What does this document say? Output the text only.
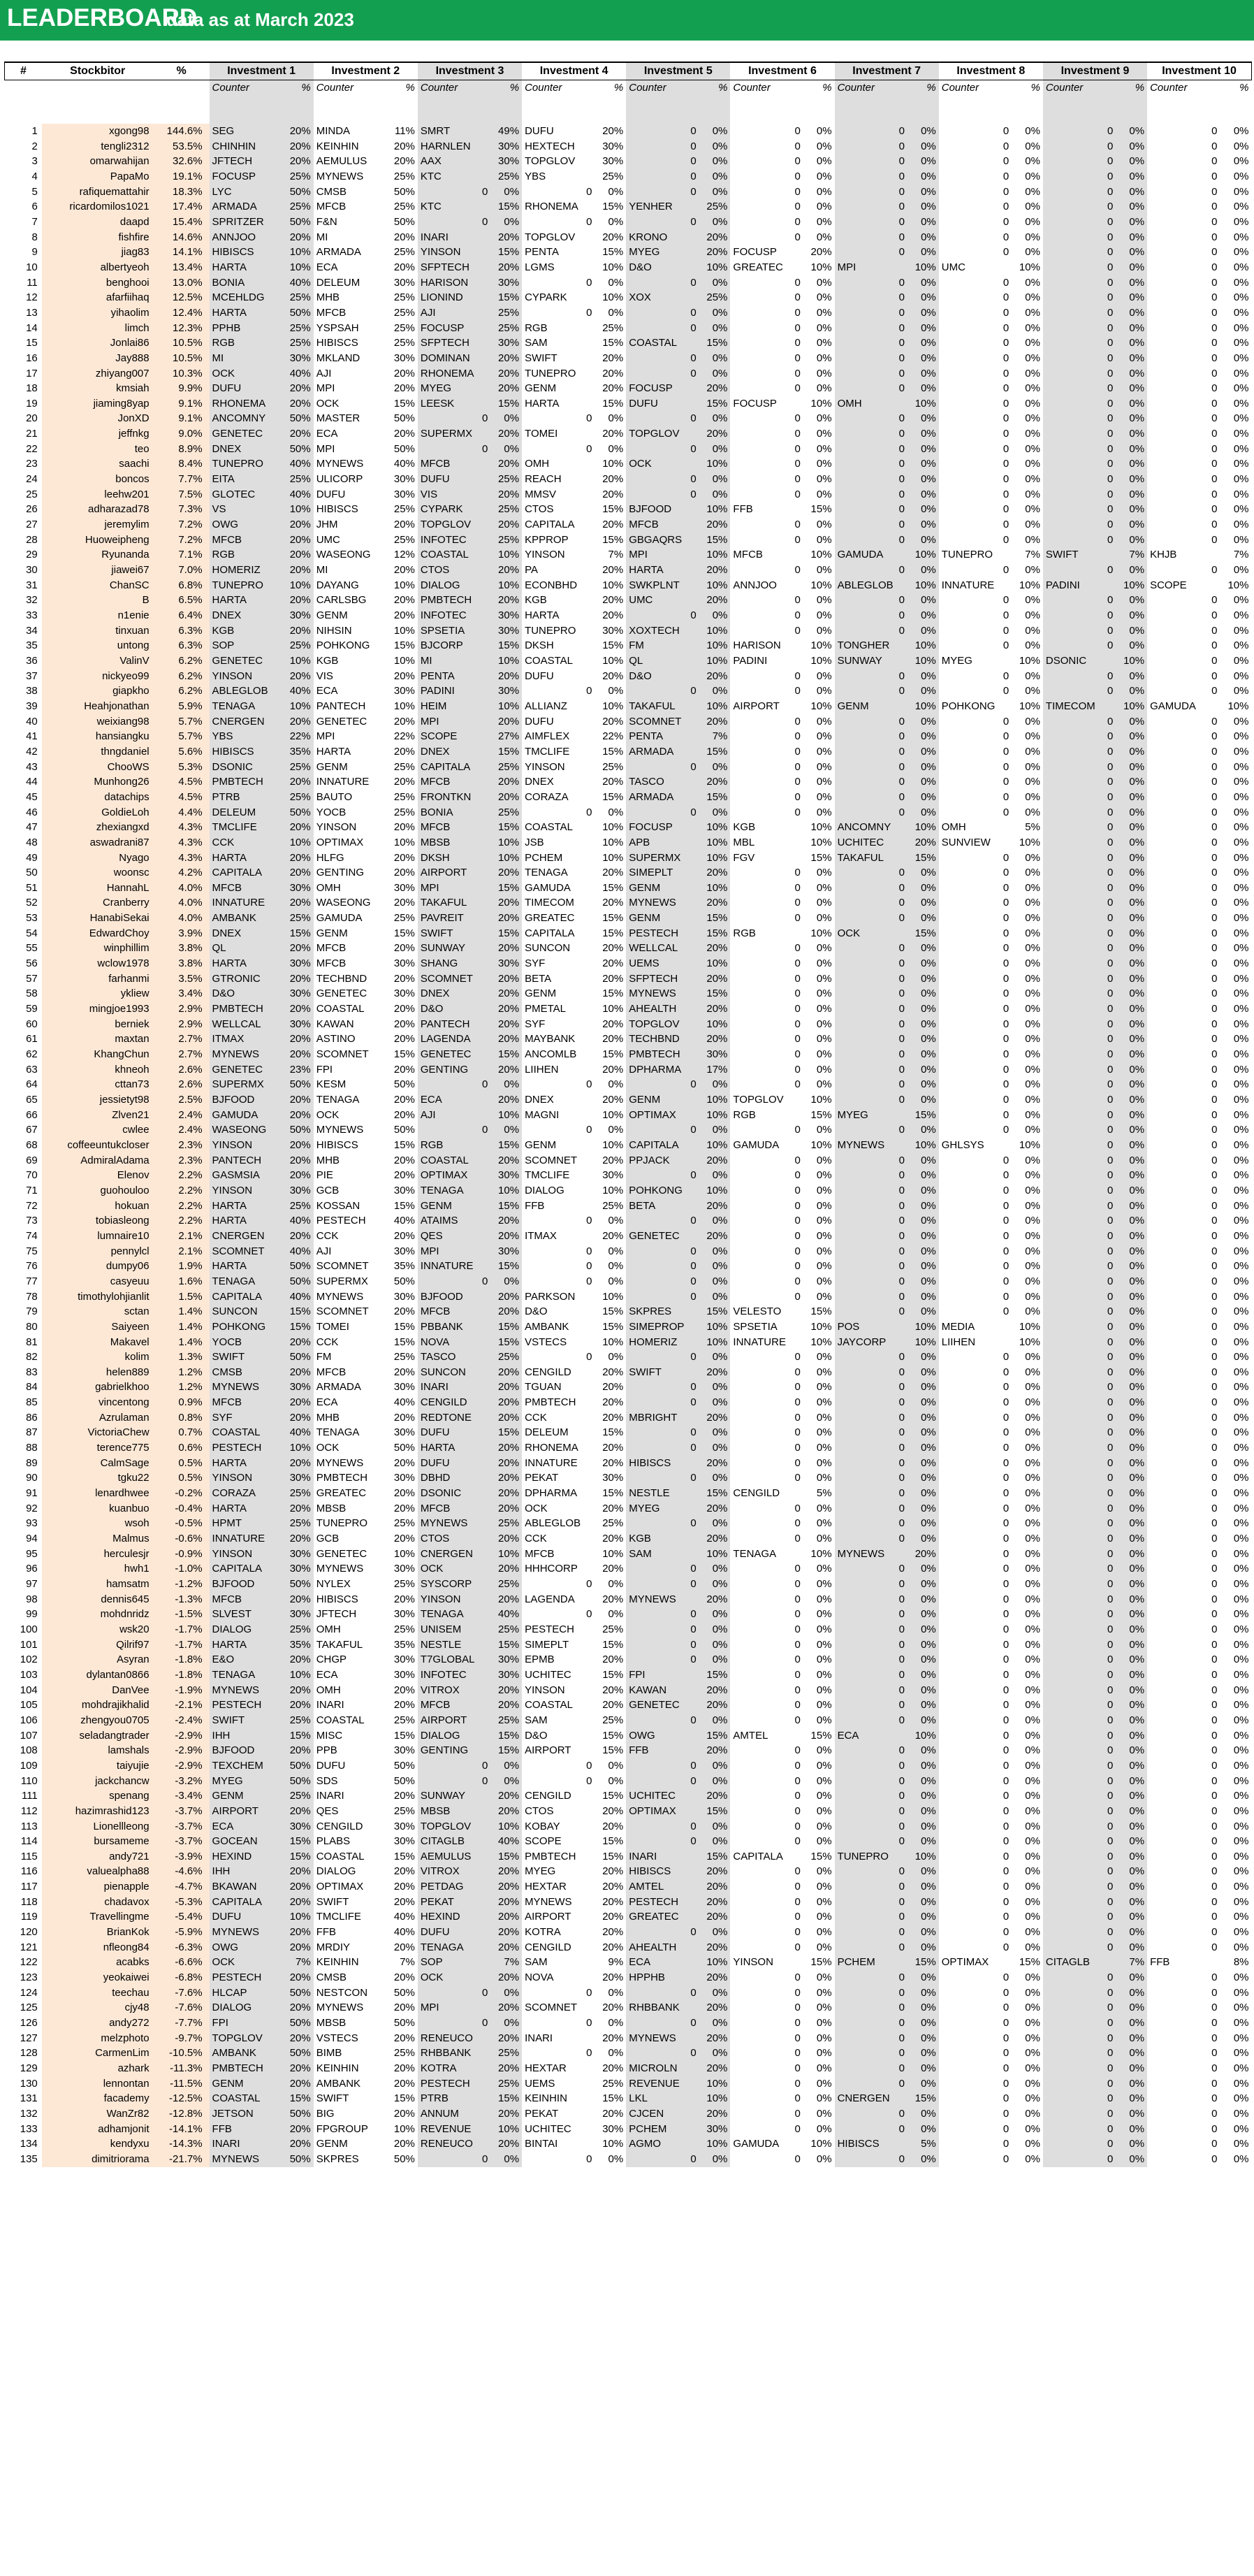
LEADERBOARD
data as at March 2023
#	Stockbitor	%	Investment 1		Investment 2		Investment 3		Investment 4		Investment 5		Investment 6		Investment 7		Investment 8		Investment 9		Investment 10	
			Counter	%	Counter	%	Counter	%	Counter	%	Counter	%	Counter	%	Counter	%	Counter	%	Counter	%	Counter	%

1	xgong98	144.6%	SEG	20%	MINDA	11%	SMRT	49%	DUFU	20%	0	0%	0	0%	0	0%	0	0%	0	0%	0	0%
2	tengli2312	53.5%	CHINHIN	20%	KEINHIN	20%	HARNLEN	30%	HEXTECH	30%	0	0%	0	0%	0	0%	0	0%	0	0%	0	0%
3	omarwahijan	32.6%	JFTECH	20%	AEMULUS	20%	AAX	30%	TOPGLOV	30%	0	0%	0	0%	0	0%	0	0%	0	0%	0	0%
4	PapaMo	19.1%	FOCUSP	25%	MYNEWS	25%	KTC	25%	YBS	25%	0	0%	0	0%	0	0%	0	0%	0	0%	0	0%
5	rafiquemattahir	18.3%	LYC	50%	CMSB	50%	0	0%	0	0%	0	0%	0	0%	0	0%	0	0%	0	0%	0	0%
6	ricardomilos1021	17.4%	ARMADA	25%	MFCB	25%	KTC	15%	RHONEMA	15%	YENHER	25%	0	0%	0	0%	0	0%	0	0%	0	0%
7	daapd	15.4%	SPRITZER	50%	F&N	50%	0	0%	0	0%	0	0%	0	0%	0	0%	0	0%	0	0%	0	0%
8	fishfire	14.6%	ANNJOO	20%	MI	20%	INARI	20%	TOPGLOV	20%	KRONO	20%	0	0%	0	0%	0	0%	0	0%	0	0%
9	jiag83	14.1%	HIBISCS	10%	ARMADA	25%	YINSON	15%	PENTA	15%	MYEG	20%	FOCUSP	20%	0	0%	0	0%	0	0%	0	0%
10	albertyeoh	13.4%	HARTA	10%	ECA	20%	SFPTECH	20%	LGMS	10%	D&O	10%	GREATEC	10%	MPI	10%	UMC	10%	0	0%	0	0%
11	benghooi	13.0%	BONIA	40%	DELEUM	30%	HARISON	30%	0	0%	0	0%	0	0%	0	0%	0	0%	0	0%	0	0%
12	afarfiihaq	12.5%	MCEHLDG	25%	MHB	25%	LIONIND	15%	CYPARK	10%	XOX	25%	0	0%	0	0%	0	0%	0	0%	0	0%
13	yihaolim	12.4%	HARTA	50%	MFCB	25%	AJI	25%	0	0%	0	0%	0	0%	0	0%	0	0%	0	0%	0	0%
14	limch	12.3%	PPHB	25%	YSPSAH	25%	FOCUSP	25%	RGB	25%	0	0%	0	0%	0	0%	0	0%	0	0%	0	0%
15	Jonlai86	10.5%	RGB	25%	HIBISCS	25%	SFPTECH	30%	SAM	15%	COASTAL	15%	0	0%	0	0%	0	0%	0	0%	0	0%
16	Jay888	10.5%	MI	30%	MKLAND	30%	DOMINAN	20%	SWIFT	20%	0	0%	0	0%	0	0%	0	0%	0	0%	0	0%
17	zhiyang007	10.3%	OCK	40%	AJI	20%	RHONEMA	20%	TUNEPRO	20%	0	0%	0	0%	0	0%	0	0%	0	0%	0	0%
18	kmsiah	9.9%	DUFU	20%	MPI	20%	MYEG	20%	GENM	20%	FOCUSP	20%	0	0%	0	0%	0	0%	0	0%	0	0%
19	jiaming8yap	9.1%	RHONEMA	20%	OCK	15%	LEESK	15%	HARTA	15%	DUFU	15%	FOCUSP	10%	OMH	10%	0	0%	0	0%	0	0%
20	JonXD	9.1%	ANCOMNY	50%	MASTER	50%	0	0%	0	0%	0	0%	0	0%	0	0%	0	0%	0	0%	0	0%
21	jeffnkg	9.0%	GENETEC	20%	ECA	20%	SUPERMX	20%	TOMEI	20%	TOPGLOV	20%	0	0%	0	0%	0	0%	0	0%	0	0%
22	teo	8.9%	DNEX	50%	MPI	50%	0	0%	0	0%	0	0%	0	0%	0	0%	0	0%	0	0%	0	0%
23	saachi	8.4%	TUNEPRO	40%	MYNEWS	40%	MFCB	20%	OMH	10%	OCK	10%	0	0%	0	0%	0	0%	0	0%	0	0%
24	boncos	7.7%	EITA	25%	ULICORP	30%	DUFU	25%	REACH	20%	0	0%	0	0%	0	0%	0	0%	0	0%	0	0%
25	leehw201	7.5%	GLOTEC	40%	DUFU	30%	VIS	20%	MMSV	20%	0	0%	0	0%	0	0%	0	0%	0	0%	0	0%
26	adharazad78	7.3%	VS	10%	HIBISCS	25%	CYPARK	25%	CTOS	15%	BJFOOD	10%	FFB	15%	0	0%	0	0%	0	0%	0	0%
27	jeremylim	7.2%	OWG	20%	JHM	20%	TOPGLOV	20%	CAPITALA	20%	MFCB	20%	0	0%	0	0%	0	0%	0	0%	0	0%
28	Huoweipheng	7.2%	MFCB	20%	UMC	25%	INFOTEC	25%	KPPROP	15%	GBGAQRS	15%	0	0%	0	0%	0	0%	0	0%	0	0%
29	Ryunanda	7.1%	RGB	20%	WASEONG	12%	COASTAL	10%	YINSON	7%	MPI	10%	MFCB	10%	GAMUDA	10%	TUNEPRO	7%	SWIFT	7%	KHJB	7%
30	jiawei67	7.0%	HOMERIZ	20%	MI	20%	CTOS	20%	PA	20%	HARTA	20%	0	0%	0	0%	0	0%	0	0%	0	0%
31	ChanSC	6.8%	TUNEPRO	10%	DAYANG	10%	DIALOG	10%	ECONBHD	10%	SWKPLNT	10%	ANNJOO	10%	ABLEGLOB	10%	INNATURE	10%	PADINI	10%	SCOPE	10%
32	B	6.5%	HARTA	20%	CARLSBG	20%	PMBTECH	20%	KGB	20%	UMC	20%	0	0%	0	0%	0	0%	0	0%	0	0%
33	n1enie	6.4%	DNEX	30%	GENM	20%	INFOTEC	30%	HARTA	20%	0	0%	0	0%	0	0%	0	0%	0	0%	0	0%
34	tinxuan	6.3%	KGB	20%	NIHSIN	10%	SPSETIA	30%	TUNEPRO	30%	XOXTECH	10%	0	0%	0	0%	0	0%	0	0%	0	0%
35	untong	6.3%	SOP	25%	POHKONG	15%	BJCORP	15%	DKSH	15%	FM	10%	HARISON	10%	TONGHER	10%	0	0%	0	0%	0	0%
36	ValinV	6.2%	GENETEC	10%	KGB	10%	MI	10%	COASTAL	10%	QL	10%	PADINI	10%	SUNWAY	10%	MYEG	10%	DSONIC	10%	0	0%
37	nickyeo99	6.2%	YINSON	20%	VIS	20%	PENTA	20%	DUFU	20%	D&O	20%	0	0%	0	0%	0	0%	0	0%	0	0%
38	giapkho	6.2%	ABLEGLOB	40%	ECA	30%	PADINI	30%	0	0%	0	0%	0	0%	0	0%	0	0%	0	0%	0	0%
39	Heahjonathan	5.9%	TENAGA	10%	PANTECH	10%	HEIM	10%	ALLIANZ	10%	TAKAFUL	10%	AIRPORT	10%	GENM	10%	POHKONG	10%	TIMECOM	10%	GAMUDA	10%
40	weixiang98	5.7%	CNERGEN	20%	GENETEC	20%	MPI	20%	DUFU	20%	SCOMNET	20%	0	0%	0	0%	0	0%	0	0%	0	0%
41	hansiangku	5.7%	YBS	22%	MPI	22%	SCOPE	27%	AIMFLEX	22%	PENTA	7%	0	0%	0	0%	0	0%	0	0%	0	0%
42	thngdaniel	5.6%	HIBISCS	35%	HARTA	20%	DNEX	15%	TMCLIFE	15%	ARMADA	15%	0	0%	0	0%	0	0%	0	0%	0	0%
43	ChooWS	5.3%	DSONIC	25%	GENM	25%	CAPITALA	25%	YINSON	25%	0	0%	0	0%	0	0%	0	0%	0	0%	0	0%
44	Munhong26	4.5%	PMBTECH	20%	INNATURE	20%	MFCB	20%	DNEX	20%	TASCO	20%	0	0%	0	0%	0	0%	0	0%	0	0%
45	datachips	4.5%	PTRB	25%	BAUTO	25%	FRONTKN	20%	CORAZA	15%	ARMADA	15%	0	0%	0	0%	0	0%	0	0%	0	0%
46	GoldieLoh	4.4%	DELEUM	50%	YOCB	25%	BONIA	25%	0	0%	0	0%	0	0%	0	0%	0	0%	0	0%	0	0%
47	zhexiangxd	4.3%	TMCLIFE	20%	YINSON	20%	MFCB	15%	COASTAL	10%	FOCUSP	10%	KGB	10%	ANCOMNY	10%	OMH	5%	0	0%	0	0%
48	aswadrani87	4.3%	CCK	10%	OPTIMAX	10%	MBSB	10%	JSB	10%	APB	10%	MBL	10%	UCHITEC	20%	SUNVIEW	10%	0	0%	0	0%
49	Nyago	4.3%	HARTA	20%	HLFG	20%	DKSH	10%	PCHEM	10%	SUPERMX	10%	FGV	15%	TAKAFUL	15%	0	0%	0	0%	0	0%
50	woonsc	4.2%	CAPITALA	20%	GENTING	20%	AIRPORT	20%	TENAGA	20%	SIMEPLT	20%	0	0%	0	0%	0	0%	0	0%	0	0%
51	HannahL	4.0%	MFCB	30%	OMH	30%	MPI	15%	GAMUDA	15%	GENM	10%	0	0%	0	0%	0	0%	0	0%	0	0%
52	Cranberry	4.0%	INNATURE	20%	WASEONG	20%	TAKAFUL	20%	TIMECOM	20%	MYNEWS	20%	0	0%	0	0%	0	0%	0	0%	0	0%
53	HanabiSekai	4.0%	AMBANK	25%	GAMUDA	25%	PAVREIT	20%	GREATEC	15%	GENM	15%	0	0%	0	0%	0	0%	0	0%	0	0%
54	EdwardChoy	3.9%	DNEX	15%	GENM	15%	SWIFT	15%	CAPITALA	15%	PESTECH	15%	RGB	10%	OCK	15%	0	0%	0	0%	0	0%
55	winphillim	3.8%	QL	20%	MFCB	20%	SUNWAY	20%	SUNCON	20%	WELLCAL	20%	0	0%	0	0%	0	0%	0	0%	0	0%
56	wclow1978	3.8%	HARTA	30%	MFCB	30%	SHANG	30%	SYF	20%	UEMS	10%	0	0%	0	0%	0	0%	0	0%	0	0%
57	farhanmi	3.5%	GTRONIC	20%	TECHBND	20%	SCOMNET	20%	BETA	20%	SFPTECH	20%	0	0%	0	0%	0	0%	0	0%	0	0%
58	ykliew	3.4%	D&O	30%	GENETEC	30%	DNEX	20%	GENM	15%	MYNEWS	15%	0	0%	0	0%	0	0%	0	0%	0	0%
59	mingjoe1993	2.9%	PMBTECH	20%	COASTAL	20%	D&O	20%	PMETAL	10%	AHEALTH	20%	0	0%	0	0%	0	0%	0	0%	0	0%
60	berniek	2.9%	WELLCAL	30%	KAWAN	20%	PANTECH	20%	SYF	20%	TOPGLOV	10%	0	0%	0	0%	0	0%	0	0%	0	0%
61	maxtan	2.7%	ITMAX	20%	ASTINO	20%	LAGENDA	20%	MAYBANK	20%	TECHBND	20%	0	0%	0	0%	0	0%	0	0%	0	0%
62	KhangChun	2.7%	MYNEWS	20%	SCOMNET	15%	GENETEC	15%	ANCOMLB	15%	PMBTECH	30%	0	0%	0	0%	0	0%	0	0%	0	0%
63	khneoh	2.6%	GENETEC	23%	FPI	20%	GENTING	20%	LIIHEN	20%	DPHARMA	17%	0	0%	0	0%	0	0%	0	0%	0	0%
64	cttan73	2.6%	SUPERMX	50%	KESM	50%	0	0%	0	0%	0	0%	0	0%	0	0%	0	0%	0	0%	0	0%
65	jessietyt98	2.5%	BJFOOD	20%	TENAGA	20%	ECA	20%	DNEX	20%	GENM	10%	TOPGLOV	10%	0	0%	0	0%	0	0%	0	0%
66	Zlven21	2.4%	GAMUDA	20%	OCK	20%	AJI	10%	MAGNI	10%	OPTIMAX	10%	RGB	15%	MYEG	15%	0	0%	0	0%	0	0%
67	cwlee	2.4%	WASEONG	50%	MYNEWS	50%	0	0%	0	0%	0	0%	0	0%	0	0%	0	0%	0	0%	0	0%
68	coffeeuntukcloser	2.3%	YINSON	20%	HIBISCS	15%	RGB	15%	GENM	10%	CAPITALA	10%	GAMUDA	10%	MYNEWS	10%	GHLSYS	10%	0	0%	0	0%
69	AdmiralAdama	2.3%	PANTECH	20%	MHB	20%	COASTAL	20%	SCOMNET	20%	PPJACK	20%	0	0%	0	0%	0	0%	0	0%	0	0%
70	Elenov	2.2%	GASMSIA	20%	PIE	20%	OPTIMAX	30%	TMCLIFE	30%	0	0%	0	0%	0	0%	0	0%	0	0%	0	0%
71	guohouloo	2.2%	YINSON	30%	GCB	30%	TENAGA	10%	DIALOG	10%	POHKONG	10%	0	0%	0	0%	0	0%	0	0%	0	0%
72	hokuan	2.2%	HARTA	25%	KOSSAN	15%	GENM	15%	FFB	25%	BETA	20%	0	0%	0	0%	0	0%	0	0%	0	0%
73	tobiasleong	2.2%	HARTA	40%	PESTECH	40%	ATAIMS	20%	0	0%	0	0%	0	0%	0	0%	0	0%	0	0%	0	0%
74	lumnaire10	2.1%	CNERGEN	20%	CCK	20%	QES	20%	ITMAX	20%	GENETEC	20%	0	0%	0	0%	0	0%	0	0%	0	0%
75	pennylcl	2.1%	SCOMNET	40%	AJI	30%	MPI	30%	0	0%	0	0%	0	0%	0	0%	0	0%	0	0%	0	0%
76	dumpy06	1.9%	HARTA	50%	SCOMNET	35%	INNATURE	15%	0	0%	0	0%	0	0%	0	0%	0	0%	0	0%	0	0%
77	casyeuu	1.6%	TENAGA	50%	SUPERMX	50%	0	0%	0	0%	0	0%	0	0%	0	0%	0	0%	0	0%	0	0%
78	timothylohjianlit	1.5%	CAPITALA	40%	MYNEWS	30%	BJFOOD	20%	PARKSON	10%	0	0%	0	0%	0	0%	0	0%	0	0%	0	0%
79	sctan	1.4%	SUNCON	15%	SCOMNET	20%	MFCB	20%	D&O	15%	SKPRES	15%	VELESTO	15%	0	0%	0	0%	0	0%	0	0%
80	Saiyeen	1.4%	POHKONG	15%	TOMEI	15%	PBBANK	15%	AMBANK	15%	SIMEPROP	10%	SPSETIA	10%	POS	10%	MEDIA	10%	0	0%	0	0%
81	Makavel	1.4%	YOCB	20%	CCK	15%	NOVA	15%	VSTECS	10%	HOMERIZ	10%	INNATURE	10%	JAYCORP	10%	LIIHEN	10%	0	0%	0	0%
82	kolim	1.3%	SWIFT	50%	FM	25%	TASCO	25%	0	0%	0	0%	0	0%	0	0%	0	0%	0	0%	0	0%
83	helen889	1.2%	CMSB	20%	MFCB	20%	SUNCON	20%	CENGILD	20%	SWIFT	20%	0	0%	0	0%	0	0%	0	0%	0	0%
84	gabrielkhoo	1.2%	MYNEWS	30%	ARMADA	30%	INARI	20%	TGUAN	20%	0	0%	0	0%	0	0%	0	0%	0	0%	0	0%
85	vincentong	0.9%	MFCB	20%	ECA	40%	CENGILD	20%	PMBTECH	20%	0	0%	0	0%	0	0%	0	0%	0	0%	0	0%
86	Azrulaman	0.8%	SYF	20%	MHB	20%	REDTONE	20%	CCK	20%	MBRIGHT	20%	0	0%	0	0%	0	0%	0	0%	0	0%
87	VictoriaChew	0.7%	COASTAL	40%	TENAGA	30%	DUFU	15%	DELEUM	15%	0	0%	0	0%	0	0%	0	0%	0	0%	0	0%
88	terence775	0.6%	PESTECH	10%	OCK	50%	HARTA	20%	RHONEMA	20%	0	0%	0	0%	0	0%	0	0%	0	0%	0	0%
89	CalmSage	0.5%	HARTA	20%	MYNEWS	20%	DUFU	20%	INNATURE	20%	HIBISCS	20%	0	0%	0	0%	0	0%	0	0%	0	0%
90	tgku22	0.5%	YINSON	30%	PMBTECH	30%	DBHD	20%	PEKAT	30%	0	0%	0	0%	0	0%	0	0%	0	0%	0	0%
91	lenardhwee	-0.2%	CORAZA	25%	GREATEC	20%	DSONIC	20%	DPHARMA	15%	NESTLE	15%	CENGILD	5%	0	0%	0	0%	0	0%	0	0%
92	kuanbuo	-0.4%	HARTA	20%	MBSB	20%	MFCB	20%	OCK	20%	MYEG	20%	0	0%	0	0%	0	0%	0	0%	0	0%
93	wsoh	-0.5%	HPMT	25%	TUNEPRO	25%	MYNEWS	25%	ABLEGLOB	25%	0	0%	0	0%	0	0%	0	0%	0	0%	0	0%
94	Malmus	-0.6%	INNATURE	20%	GCB	20%	CTOS	20%	CCK	20%	KGB	20%	0	0%	0	0%	0	0%	0	0%	0	0%
95	herculesjr	-0.9%	YINSON	30%	GENETEC	10%	CNERGEN	10%	MFCB	10%	SAM	10%	TENAGA	10%	MYNEWS	20%	0	0%	0	0%	0	0%
96	hwh1	-1.0%	CAPITALA	30%	MYNEWS	30%	OCK	20%	HHHCORP	20%	0	0%	0	0%	0	0%	0	0%	0	0%	0	0%
97	hamsatm	-1.2%	BJFOOD	50%	NYLEX	25%	SYSCORP	25%	0	0%	0	0%	0	0%	0	0%	0	0%	0	0%	0	0%
98	dennis645	-1.3%	MFCB	20%	HIBISCS	20%	YINSON	20%	LAGENDA	20%	MYNEWS	20%	0	0%	0	0%	0	0%	0	0%	0	0%
99	mohdnridz	-1.5%	SLVEST	30%	JFTECH	30%	TENAGA	40%	0	0%	0	0%	0	0%	0	0%	0	0%	0	0%	0	0%
100	wsk20	-1.7%	DIALOG	25%	OMH	25%	UNISEM	25%	PESTECH	25%	0	0%	0	0%	0	0%	0	0%	0	0%	0	0%
101	Qilrif97	-1.7%	HARTA	35%	TAKAFUL	35%	NESTLE	15%	SIMEPLT	15%	0	0%	0	0%	0	0%	0	0%	0	0%	0	0%
102	Asyran	-1.8%	E&O	20%	CHGP	30%	T7GLOBAL	30%	EPMB	20%	0	0%	0	0%	0	0%	0	0%	0	0%	0	0%
103	dylantan0866	-1.8%	TENAGA	10%	ECA	30%	INFOTEC	30%	UCHITEC	15%	FPI	15%	0	0%	0	0%	0	0%	0	0%	0	0%
104	DanVee	-1.9%	MYNEWS	20%	OMH	20%	VITROX	20%	YINSON	20%	KAWAN	20%	0	0%	0	0%	0	0%	0	0%	0	0%
105	mohdrajikhalid	-2.1%	PESTECH	20%	INARI	20%	MFCB	20%	COASTAL	20%	GENETEC	20%	0	0%	0	0%	0	0%	0	0%	0	0%
106	zhengyou0705	-2.4%	SWIFT	25%	COASTAL	25%	AIRPORT	25%	SAM	25%	0	0%	0	0%	0	0%	0	0%	0	0%	0	0%
107	seladangtrader	-2.9%	IHH	15%	MISC	15%	DIALOG	15%	D&O	15%	OWG	15%	AMTEL	15%	ECA	10%	0	0%	0	0%	0	0%
108	lamshals	-2.9%	BJFOOD	20%	PPB	30%	GENTING	15%	AIRPORT	15%	FFB	20%	0	0%	0	0%	0	0%	0	0%	0	0%
109	taiyujie	-2.9%	TEXCHEM	50%	DUFU	50%	0	0%	0	0%	0	0%	0	0%	0	0%	0	0%	0	0%	0	0%
110	jackchancw	-3.2%	MYEG	50%	SDS	50%	0	0%	0	0%	0	0%	0	0%	0	0%	0	0%	0	0%	0	0%
111	spenang	-3.4%	GENM	25%	INARI	20%	SUNWAY	20%	CENGILD	15%	UCHITEC	20%	0	0%	0	0%	0	0%	0	0%	0	0%
112	hazimrashid123	-3.7%	AIRPORT	20%	QES	25%	MBSB	20%	CTOS	20%	OPTIMAX	15%	0	0%	0	0%	0	0%	0	0%	0	0%
113	Lionellleong	-3.7%	ECA	30%	CENGILD	30%	TOPGLOV	10%	KOBAY	20%	0	0%	0	0%	0	0%	0	0%	0	0%	0	0%
114	bursameme	-3.7%	GOCEAN	15%	PLABS	30%	CITAGLB	40%	SCOPE	15%	0	0%	0	0%	0	0%	0	0%	0	0%	0	0%
115	andy721	-3.9%	HEXIND	15%	COASTAL	15%	AEMULUS	15%	PMBTECH	15%	INARI	15%	CAPITALA	15%	TUNEPRO	10%	0	0%	0	0%	0	0%
116	valuealpha88	-4.6%	IHH	20%	DIALOG	20%	VITROX	20%	MYEG	20%	HIBISCS	20%	0	0%	0	0%	0	0%	0	0%	0	0%
117	pienapple	-4.7%	BKAWAN	20%	OPTIMAX	20%	PETDAG	20%	HEXTAR	20%	AMTEL	20%	0	0%	0	0%	0	0%	0	0%	0	0%
118	chadavox	-5.3%	CAPITALA	20%	SWIFT	20%	PEKAT	20%	MYNEWS	20%	PESTECH	20%	0	0%	0	0%	0	0%	0	0%	0	0%
119	Travellingme	-5.4%	DUFU	10%	TMCLIFE	40%	HEXIND	20%	AIRPORT	20%	GREATEC	20%	0	0%	0	0%	0	0%	0	0%	0	0%
120	BrianKok	-5.9%	MYNEWS	20%	FFB	40%	DUFU	20%	KOTRA	20%	0	0%	0	0%	0	0%	0	0%	0	0%	0	0%
121	nfleong84	-6.3%	OWG	20%	MRDIY	20%	TENAGA	20%	CENGILD	20%	AHEALTH	20%	0	0%	0	0%	0	0%	0	0%	0	0%
122	acabks	-6.6%	OCK	7%	KEINHIN	7%	SOP	7%	SAM	9%	ECA	10%	YINSON	15%	PCHEM	15%	OPTIMAX	15%	CITAGLB	7%	FFB	8%
123	yeokaiwei	-6.8%	PESTECH	20%	CMSB	20%	OCK	20%	NOVA	20%	HPPHB	20%	0	0%	0	0%	0	0%	0	0%	0	0%
124	teechau	-7.6%	HLCAP	50%	NESTCON	50%	0	0%	0	0%	0	0%	0	0%	0	0%	0	0%	0	0%	0	0%
125	cjy48	-7.6%	DIALOG	20%	MYNEWS	20%	MPI	20%	SCOMNET	20%	RHBBANK	20%	0	0%	0	0%	0	0%	0	0%	0	0%
126	andy272	-7.7%	FPI	50%	MBSB	50%	0	0%	0	0%	0	0%	0	0%	0	0%	0	0%	0	0%	0	0%
127	melzphoto	-9.7%	TOPGLOV	20%	VSTECS	20%	RENEUCO	20%	INARI	20%	MYNEWS	20%	0	0%	0	0%	0	0%	0	0%	0	0%
128	CarmenLim	-10.5%	AMBANK	50%	BIMB	25%	RHBBANK	25%	0	0%	0	0%	0	0%	0	0%	0	0%	0	0%	0	0%
129	azhark	-11.3%	PMBTECH	20%	KEINHIN	20%	KOTRA	20%	HEXTAR	20%	MICROLN	20%	0	0%	0	0%	0	0%	0	0%	0	0%
130	lennontan	-11.5%	GENM	20%	AMBANK	20%	PESTECH	25%	UEMS	25%	REVENUE	10%	0	0%	0	0%	0	0%	0	0%	0	0%
131	facademy	-12.5%	COASTAL	15%	SWIFT	15%	PTRB	15%	KEINHIN	15%	LKL	10%	0	0%	CNERGEN	15%	0	0%	0	0%	0	0%
132	WanZr82	-12.8%	JETSON	50%	BIG	20%	ANNUM	20%	PEKAT	20%	CJCEN	20%	0	0%	0	0%	0	0%	0	0%	0	0%
133	adhamjonit	-14.1%	FFB	20%	FPGROUP	10%	REVENUE	10%	UCHITEC	30%	PCHEM	30%	0	0%	0	0%	0	0%	0	0%	0	0%
134	kendyxu	-14.3%	INARI	20%	GENM	20%	RENEUCO	20%	BINTAI	10%	AGMO	10%	GAMUDA	10%	HIBISCS	5%	0	0%	0	0%	0	0%
135	dimitriorama	-21.7%	MYNEWS	50%	SKPRES	50%	0	0%	0	0%	0	0%	0	0%	0	0%	0	0%	0	0%	0	0%
